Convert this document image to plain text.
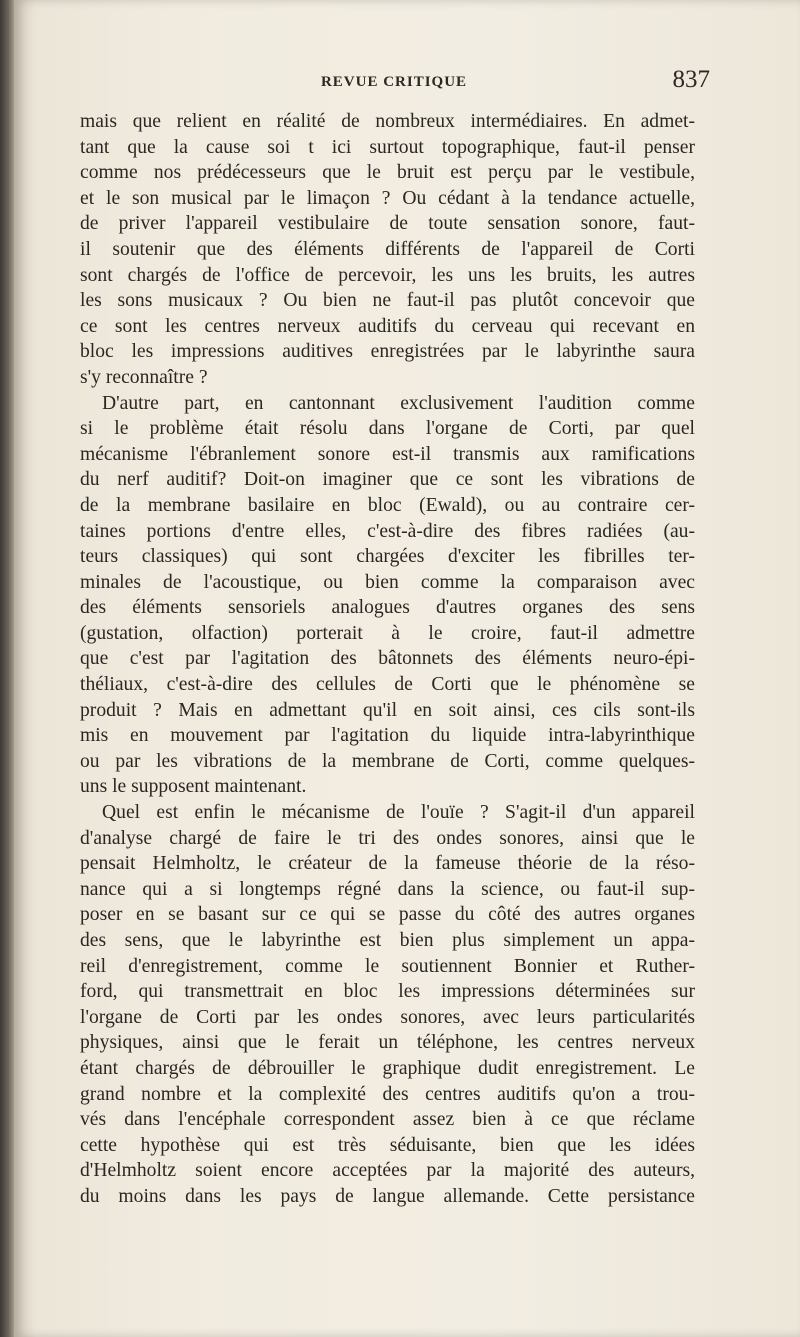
REVUE CRITIQUE	837
mais que relient en réalité de nombreux intermédiaires. En admet-
tant que la cause soi t ici surtout topographique, faut-il penser
comme nos prédécesseurs que le bruit est perçu par le vestibule,
et le son musical par le limaçon ? Ou cédant à la tendance actuelle,
de priver l'appareil vestibulaire de toute sensation sonore, faut-
il soutenir que des éléments différents de l'appareil de Corti
sont chargés de l'office de percevoir, les uns les bruits, les autres
les sons musicaux ? Ou bien ne faut-il pas plutôt concevoir que
ce sont les centres nerveux auditifs du cerveau qui recevant en
bloc les impressions auditives enregistrées par le labyrinthe saura
s'y reconnaître ?
D'autre part, en cantonnant exclusivement l'audition comme
si le problème était résolu dans l'organe de Corti, par quel
mécanisme l'ébranlement sonore est-il transmis aux ramifications
du nerf auditif? Doit-on imaginer que ce sont les vibrations de
de la membrane basilaire en bloc (Ewald), ou au contraire cer-
taines portions d'entre elles, c'est-à-dire des fibres radiées (au-
teurs classiques) qui sont chargées d'exciter les fibrilles ter-
minales de l'acoustique, ou bien comme la comparaison avec
des éléments sensoriels analogues d'autres organes des sens
(gustation, olfaction) porterait à le croire, faut-il admettre
que c'est par l'agitation des bâtonnets des éléments neuro-épi-
théliaux, c'est-à-dire des cellules de Corti que le phénomène se
produit ? Mais en admettant qu'il en soit ainsi, ces cils sont-ils
mis en mouvement par l'agitation du liquide intra-labyrinthique
ou par les vibrations de la membrane de Corti, comme quelques-
uns le supposent maintenant.
Quel est enfin le mécanisme de l'ouïe ? S'agit-il d'un appareil
d'analyse chargé de faire le tri des ondes sonores, ainsi que le
pensait Helmholtz, le créateur de la fameuse théorie de la réso-
nance qui a si longtemps régné dans la science, ou faut-il sup-
poser en se basant sur ce qui se passe du côté des autres organes
des sens, que le labyrinthe est bien plus simplement un appa-
reil d'enregistrement, comme le soutiennent Bonnier et Ruther-
ford, qui transmettrait en bloc les impressions déterminées sur
l'organe de Corti par les ondes sonores, avec leurs particularités
physiques, ainsi que le ferait un téléphone, les centres nerveux
étant chargés de débrouiller le graphique dudit enregistrement. Le
grand nombre et la complexité des centres auditifs qu'on a trou-
vés dans l'encéphale correspondent assez bien à ce que réclame
cette hypothèse qui est très séduisante, bien que les idées
d'Helmholtz soient encore acceptées par la majorité des auteurs,
du moins dans les pays de langue allemande. Cette persistance
